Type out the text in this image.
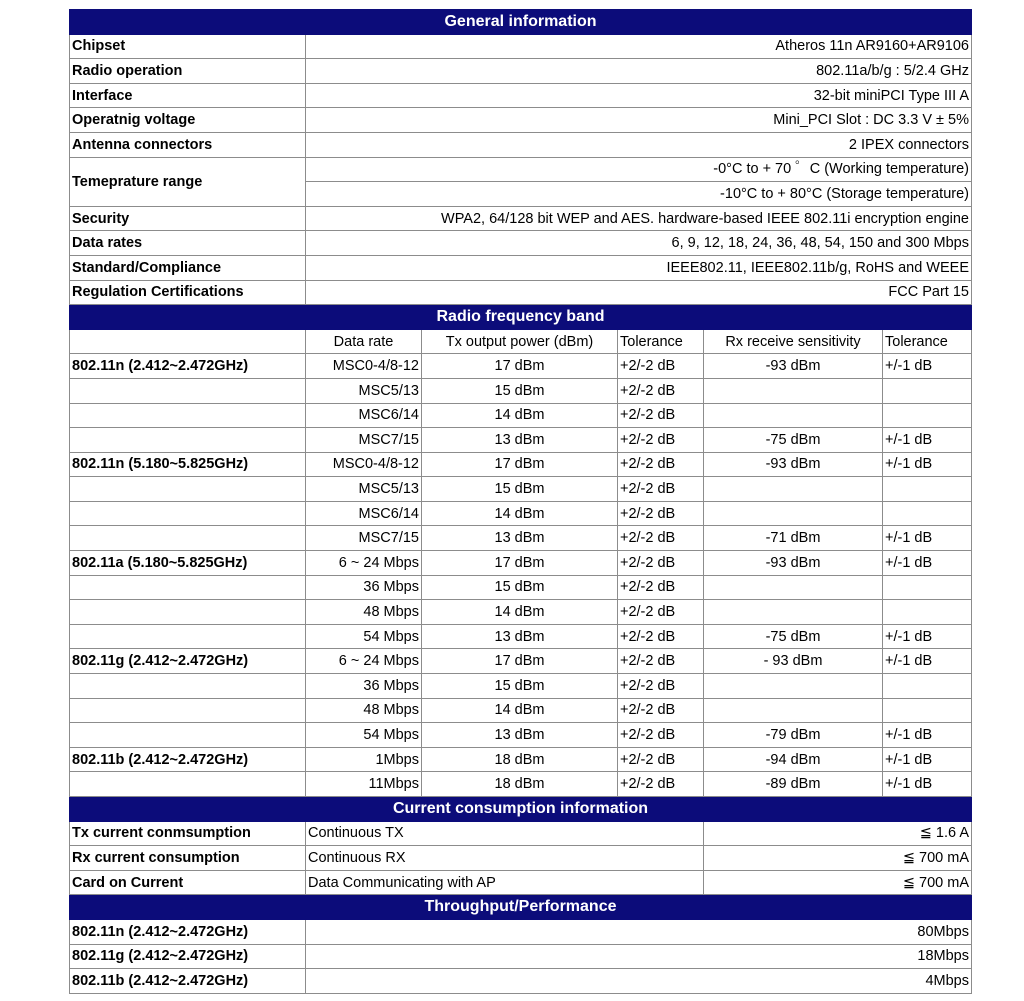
General information					
Chipset	Atheros 11n AR9160+AR9106				
Radio operation	802.11a/b/g : 5/2.4 GHz				
Interface	32-bit miniPCI Type III A				
Operatnig voltage	Mini_PCI Slot : DC 3.3 V ± 5%				
Antenna connectors	2 IPEX connectors				
Temeprature range	-0°C to + 70 ゜C (Working temperature)				
	-10°C to + 80°C (Storage temperature)				
Security	WPA2, 64/128 bit WEP and AES. hardware-based IEEE 802.11i encryption engine				
Data rates	6, 9, 12, 18, 24, 36, 48, 54, 150 and 300 Mbps				
Standard/Compliance	IEEE802.11, IEEE802.11b/g, RoHS and WEEE				
Regulation Certifications	FCC Part 15				
Radio frequency band					
	Data rate	Tx output power (dBm)	Tolerance	Rx receive sensitivity	Tolerance
802.11n (2.412~2.472GHz)	MSC0-4/8-12	17 dBm	+2/-2 dB	-93 dBm	+/-1 dB
	MSC5/13	15 dBm	+2/-2 dB		
	MSC6/14	14 dBm	+2/-2 dB		
	MSC7/15	13 dBm	+2/-2 dB	-75 dBm	+/-1 dB
802.11n (5.180~5.825GHz)	MSC0-4/8-12	17 dBm	+2/-2 dB	-93 dBm	+/-1 dB
	MSC5/13	15 dBm	+2/-2 dB		
	MSC6/14	14 dBm	+2/-2 dB		
	MSC7/15	13 dBm	+2/-2 dB	-71 dBm	+/-1 dB
802.11a (5.180~5.825GHz)	6 ~ 24 Mbps	17 dBm	+2/-2 dB	-93 dBm	+/-1 dB
	36 Mbps	15 dBm	+2/-2 dB		
	48 Mbps	14 dBm	+2/-2 dB		
	54 Mbps	13 dBm	+2/-2 dB	-75 dBm	+/-1 dB
802.11g (2.412~2.472GHz)	6 ~ 24 Mbps	17 dBm	+2/-2 dB	- 93 dBm	+/-1 dB
	36 Mbps	15 dBm	+2/-2 dB		
	48 Mbps	14 dBm	+2/-2 dB		
	54 Mbps	13 dBm	+2/-2 dB	-79 dBm	+/-1 dB
802.11b (2.412~2.472GHz)	1Mbps	18 dBm	+2/-2 dB	-94 dBm	+/-1 dB
	11Mbps	18 dBm	+2/-2 dB	-89 dBm	+/-1 dB
Current consumption information					
Tx current conmsumption	Continuous TX			≦ 1.6 A	
Rx current consumption	Continuous RX			≦ 700 mA	
Card on Current	Data Communicating with AP			≦ 700 mA	
Throughput/Performance					
802.11n (2.412~2.472GHz)	80Mbps				
802.11g (2.412~2.472GHz)	18Mbps				
802.11b (2.412~2.472GHz)	4Mbps				
